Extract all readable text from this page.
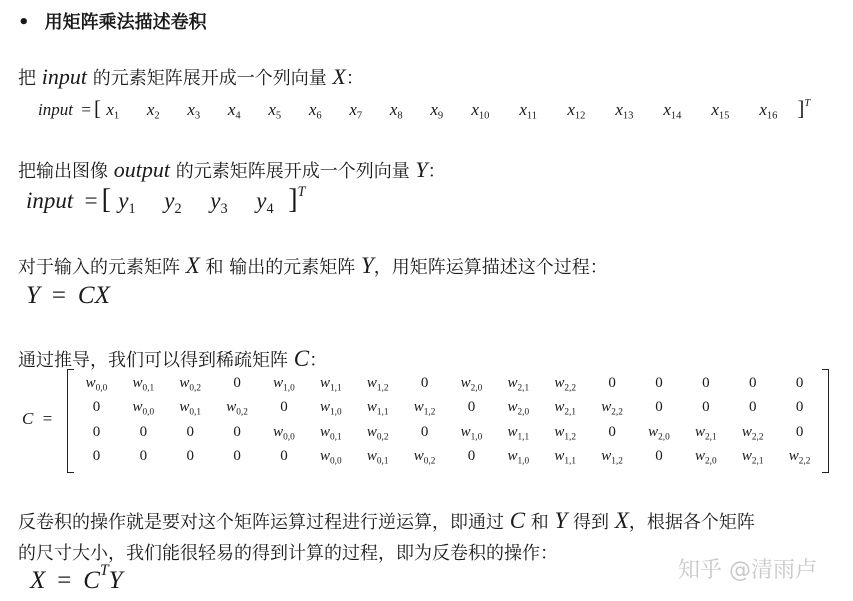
• 用矩阵乘法描述卷积
把 input 的元素矩阵展开成一个列向量 X：
input = [ $x_1$ $x_2$ $x_3$ $x_4$ $x_5$ $x_6$ $x_7$ $x_8$ $x_9$ $x_{10}$ $x_{11}$ $x_{12}$ $x_{13}$ $x_{14}$ $x_{15}$ $x_{16}$ ]$^T$
把输出图像 output 的元素矩阵展开成一个列向量 Y：
input = [ $y_1$ $y_2$ $y_3$ $y_4$ ]$^T$
对于输入的元素矩阵 X 和 输出的元素矩阵 Y，用矩阵运算描述这个过程：
Y = CX
通过推导，我们可以得到稀疏矩阵 C：
C =
$w_{0,0}$	$w_{0,1}$	$w_{0,2}$	0	$w_{1,0}$	$w_{1,1}$	$w_{1,2}$	0	$w_{2,0}$	$w_{2,1}$	$w_{2,2}$	0	0	0	0	0
0	$w_{0,0}$	$w_{0,1}$	$w_{0,2}$	0	$w_{1,0}$	$w_{1,1}$	$w_{1,2}$	0	$w_{2,0}$	$w_{2,1}$	$w_{2,2}$	0	0	0	0
0	0	0	0	$w_{0,0}$	$w_{0,1}$	$w_{0,2}$	0	$w_{1,0}$	$w_{1,1}$	$w_{1,2}$	0	$w_{2,0}$	$w_{2,1}$	$w_{2,2}$	0
0	0	0	0	0	$w_{0,0}$	$w_{0,1}$	$w_{0,2}$	0	$w_{1,0}$	$w_{1,1}$	$w_{1,2}$	0	$w_{2,0}$	$w_{2,1}$	$w_{2,2}$
反卷积的操作就是要对这个矩阵运算过程进行逆运算，即通过 C 和 Y 得到 X，根据各个矩阵
的尺寸大小，我们能很轻易的得到计算的过程，即为反卷积的操作：
$X = C^TY$	知乎 @清雨卢
